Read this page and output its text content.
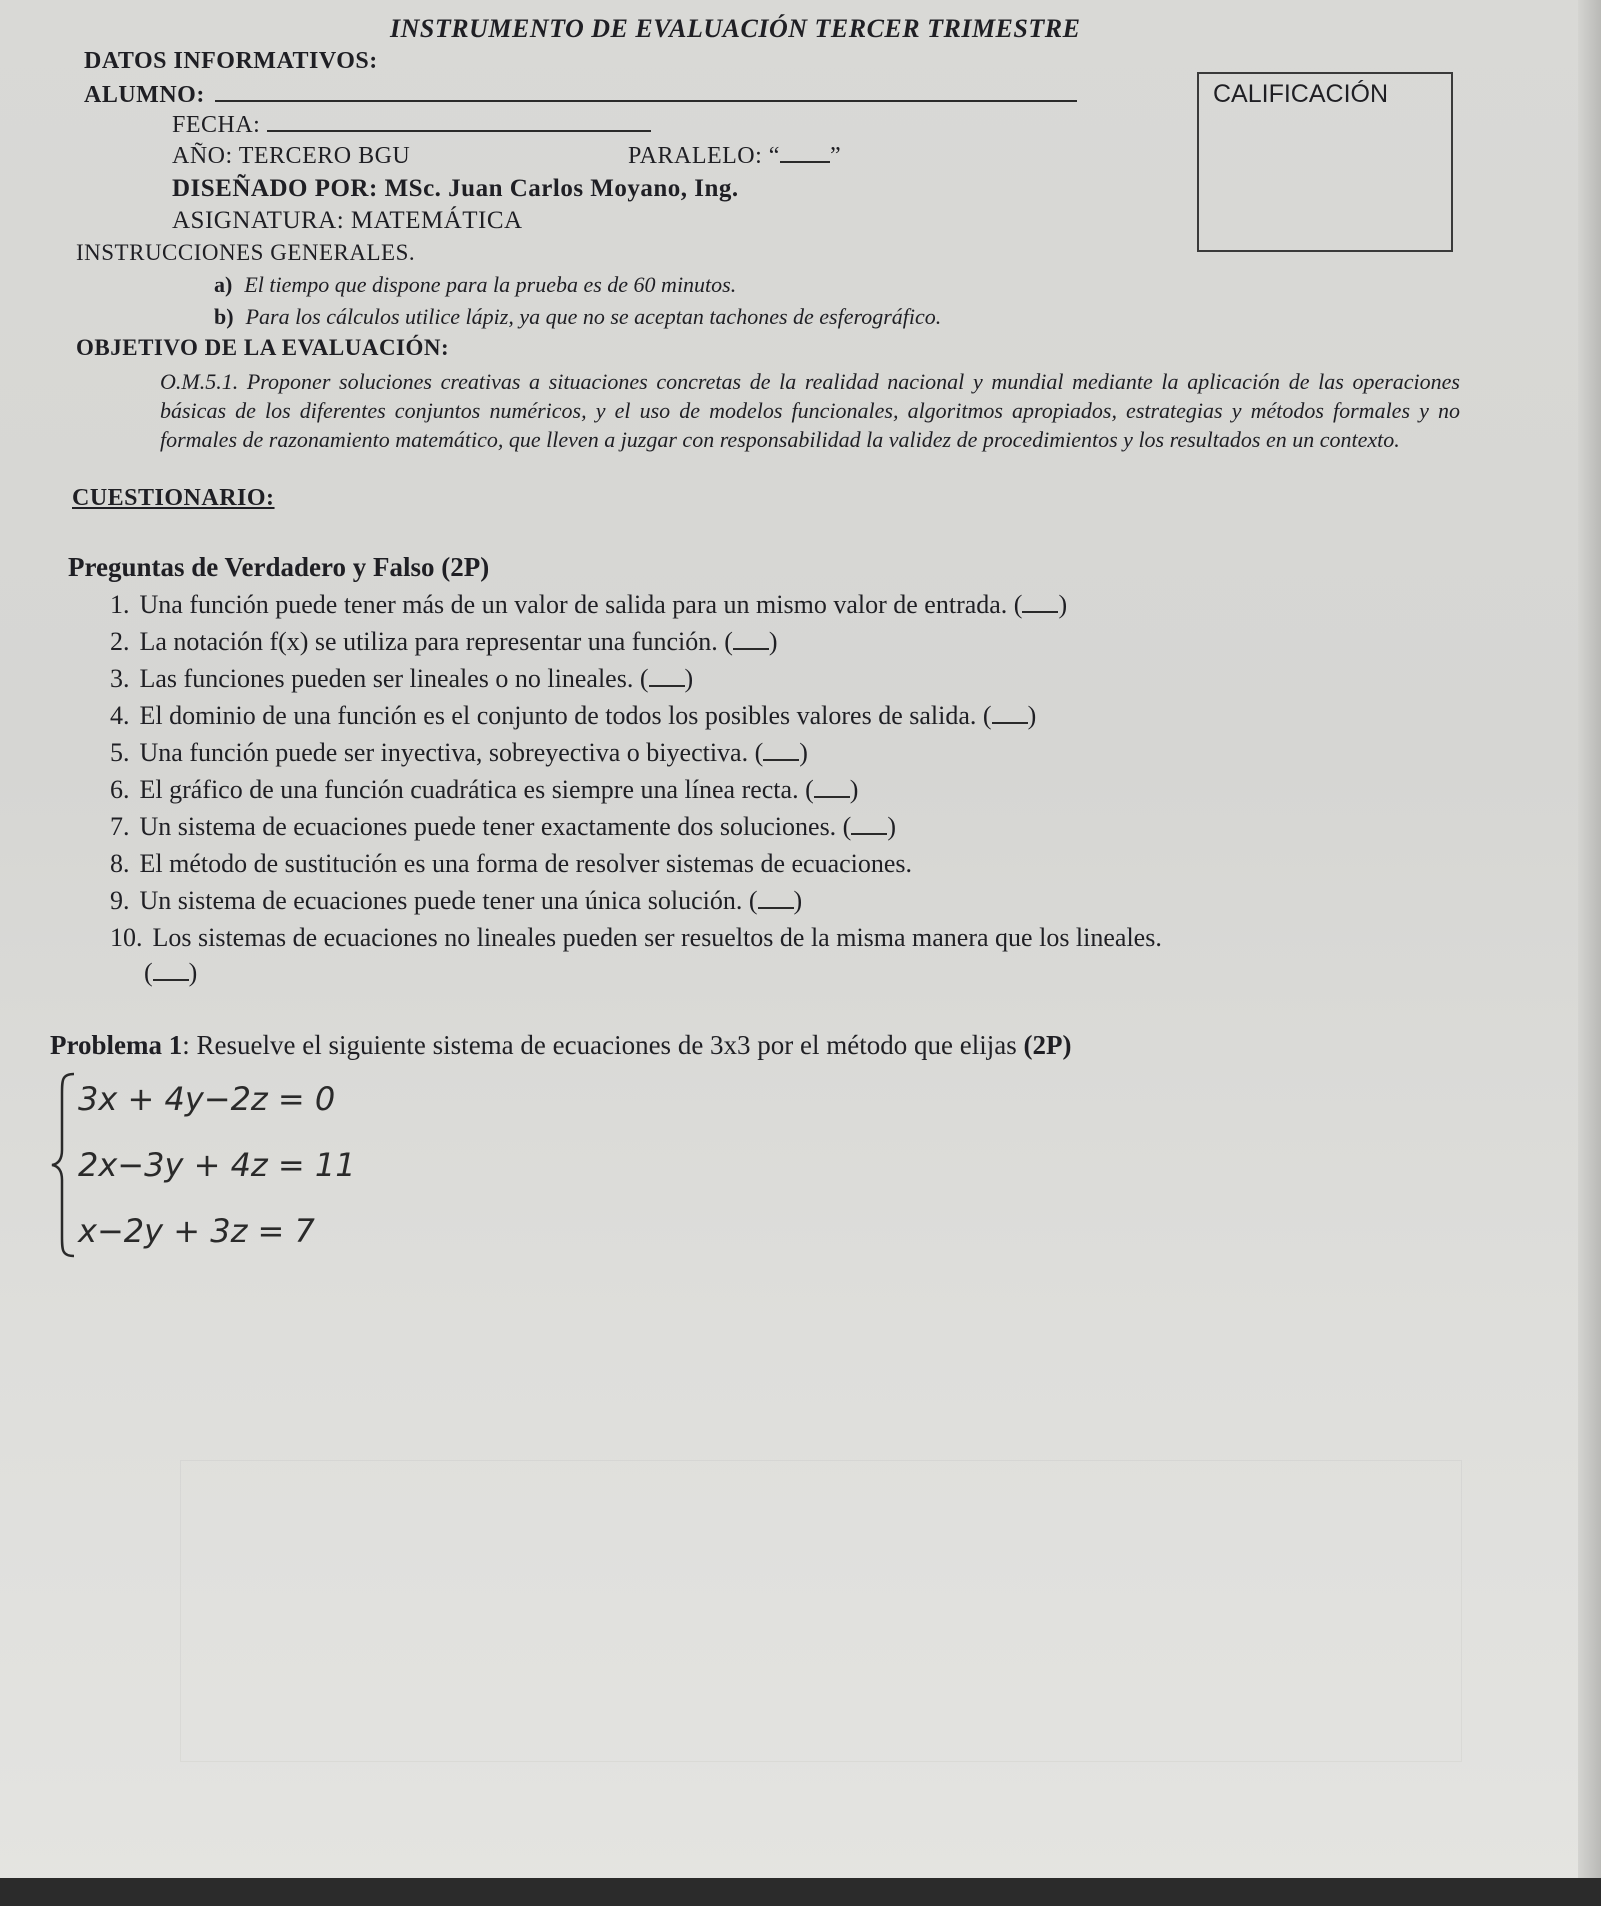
INSTRUMENTO DE EVALUACIÓN TERCER TRIMESTRE
DATOS INFORMATIVOS:
ALUMNO:	CALIFICACIÓN
FECHA:
AÑO: TERCERO BGU	PARALELO: “ ”
DISEÑADO POR: MSc. Juan Carlos Moyano, Ing.
ASIGNATURA: MATEMÁTICA
INSTRUCCIONES GENERALES.
a) El tiempo que dispone para la prueba es de 60 minutos.
b) Para los cálculos utilice lápiz, ya que no se aceptan tachones de esferográfico.
OBJETIVO DE LA EVALUACIÓN:
O.M.5.1. Proponer soluciones creativas a situaciones concretas de la realidad nacional y mundial mediante la aplicación de las operaciones básicas de los diferentes conjuntos numéricos, y el uso de modelos funcionales, algoritmos apropiados, estrategias y métodos formales y no formales de razonamiento matemático, que lleven a juzgar con responsabilidad la validez de procedimientos y los resultados en un contexto.
CUESTIONARIO:
Preguntas de Verdadero y Falso (2P)
1. Una función puede tener más de un valor de salida para un mismo valor de entrada. ( )
2. La notación f(x) se utiliza para representar una función. ( )
3. Las funciones pueden ser lineales o no lineales. ( )
4. El dominio de una función es el conjunto de todos los posibles valores de salida. ( )
5. Una función puede ser inyectiva, sobreyectiva o biyectiva. ( )
6. El gráfico de una función cuadrática es siempre una línea recta. ( )
7. Un sistema de ecuaciones puede tener exactamente dos soluciones. ( )
8. El método de sustitución es una forma de resolver sistemas de ecuaciones.
9. Un sistema de ecuaciones puede tener una única solución. ( )
10. Los sistemas de ecuaciones no lineales pueden ser resueltos de la misma manera que los lineales.
( )
Problema 1: Resuelve el siguiente sistema de ecuaciones de 3x3 por el método que elijas (2P)
3x + 4y−2z = 0
2x−3y + 4z = 11
x−2y + 3z = 7
